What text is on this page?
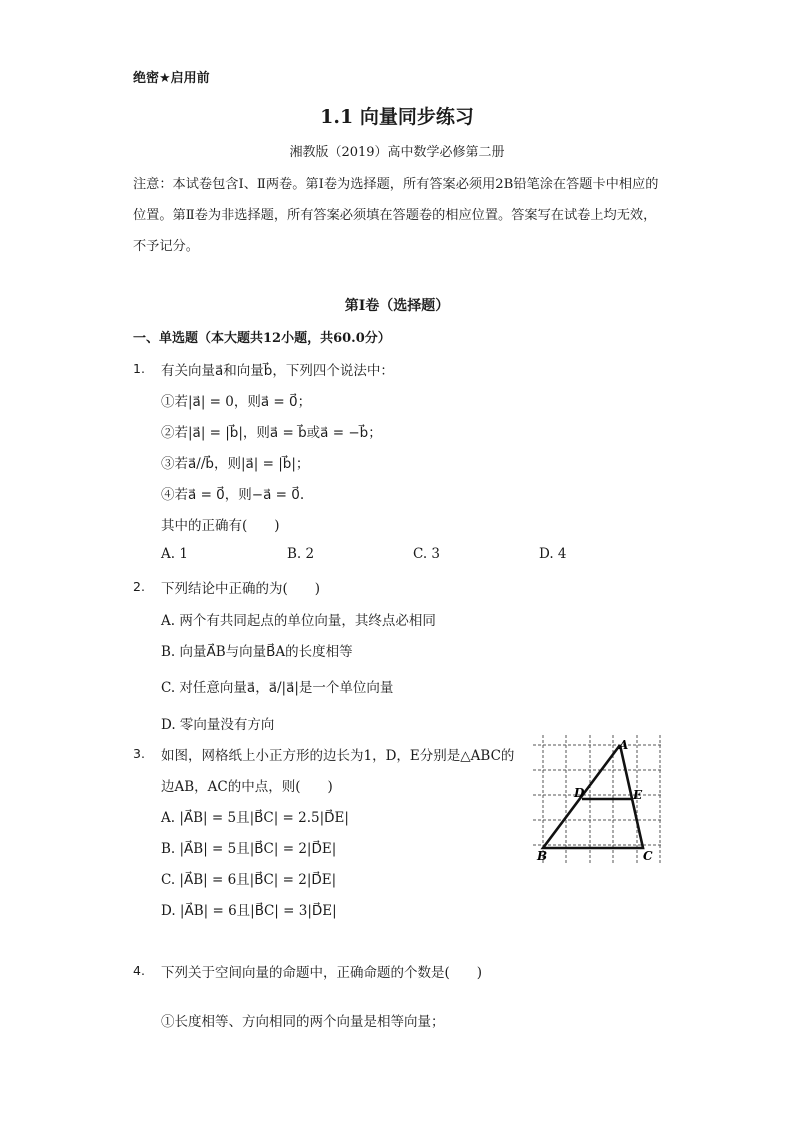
绝密★启用前
1.1 向量同步练习
湘教版（2019）高中数学必修第二册
注意：本试卷包含Ⅰ、Ⅱ两卷。第Ⅰ卷为选择题，所有答案必须用2B铅笔涂在答题卡中相应的位置。第Ⅱ卷为非选择题，所有答案必须填在答题卷的相应位置。答案写在试卷上均无效，不予记分。
第Ⅰ卷（选择题）
一、单选题（本大题共12小题，共60.0分）
1. 有关向量a⃗和向量b⃗，下列四个说法中：
①若|a⃗| = 0，则a⃗ = 0⃗；
②若|a⃗| = |b⃗|，则a⃗ = b⃗或a⃗ = −b⃗；
③若a⃗//b⃗，则|a⃗| = |b⃗|；
④若a⃗ = 0⃗，则−a⃗ = 0⃗.
其中的正确有(　　)
A. 1	B. 2	C. 3	D. 4
2. 下列结论中正确的为(　　)
A. 两个有共同起点的单位向量，其终点必相同
B. 向量A⃗B与向量B⃗A的长度相等
C. 对任意向量a⃗，a⃗/|a⃗|是一个单位向量
D. 零向量没有方向
3. 如图，网格纸上小正方形的边长为1，D，E分别是△ABC的
边AB，AC的中点，则(　　)
A. |A⃗B| = 5且|B⃗C| = 2.5|D⃗E|
B. |A⃗B| = 5且|B⃗C| = 2|D⃗E|
C. |A⃗B| = 6且|B⃗C| = 2|D⃗E|
D. |A⃗B| = 6且|B⃗C| = 3|D⃗E|
A
D	E
B	C
4. 下列关于空间向量的命题中，正确命题的个数是(　　)
①长度相等、方向相同的两个向量是相等向量；
